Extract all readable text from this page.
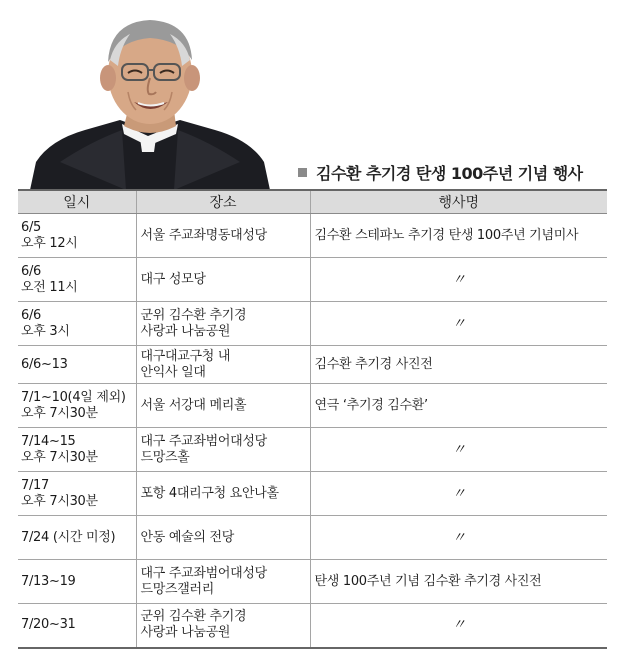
김수환 추기경 탄생 100주년 기념 행사
일시	장소	행사명

6/5
오후 12시	서울 주교좌명동대성당	김수환 스테파노 추기경 탄생 100주년 기념미사

6/6
오전 11시	대구 성모당	〃

6/6
오후 3시	군위 김수환 추기경
사랑과 나눔공원	〃

6/6~13	대구대교구청 내
안익사 일대	김수환 추기경 사진전

7/1~10(4일 제외)
오후 7시30분	서울 서강대 메리홀	연극 ‘추기경 김수환’

7/14~15
오후 7시30분	대구 주교좌범어대성당
드망즈홀	〃

7/17
오후 7시30분	포항 4대리구청 요안나홀	〃

7/24 (시간 미정)	안동 예술의 전당	〃

7/13~19	대구 주교좌범어대성당
드망즈갤러리	탄생 100주년 기념 김수환 추기경 사진전

7/20~31	군위 김수환 추기경
사랑과 나눔공원	〃
